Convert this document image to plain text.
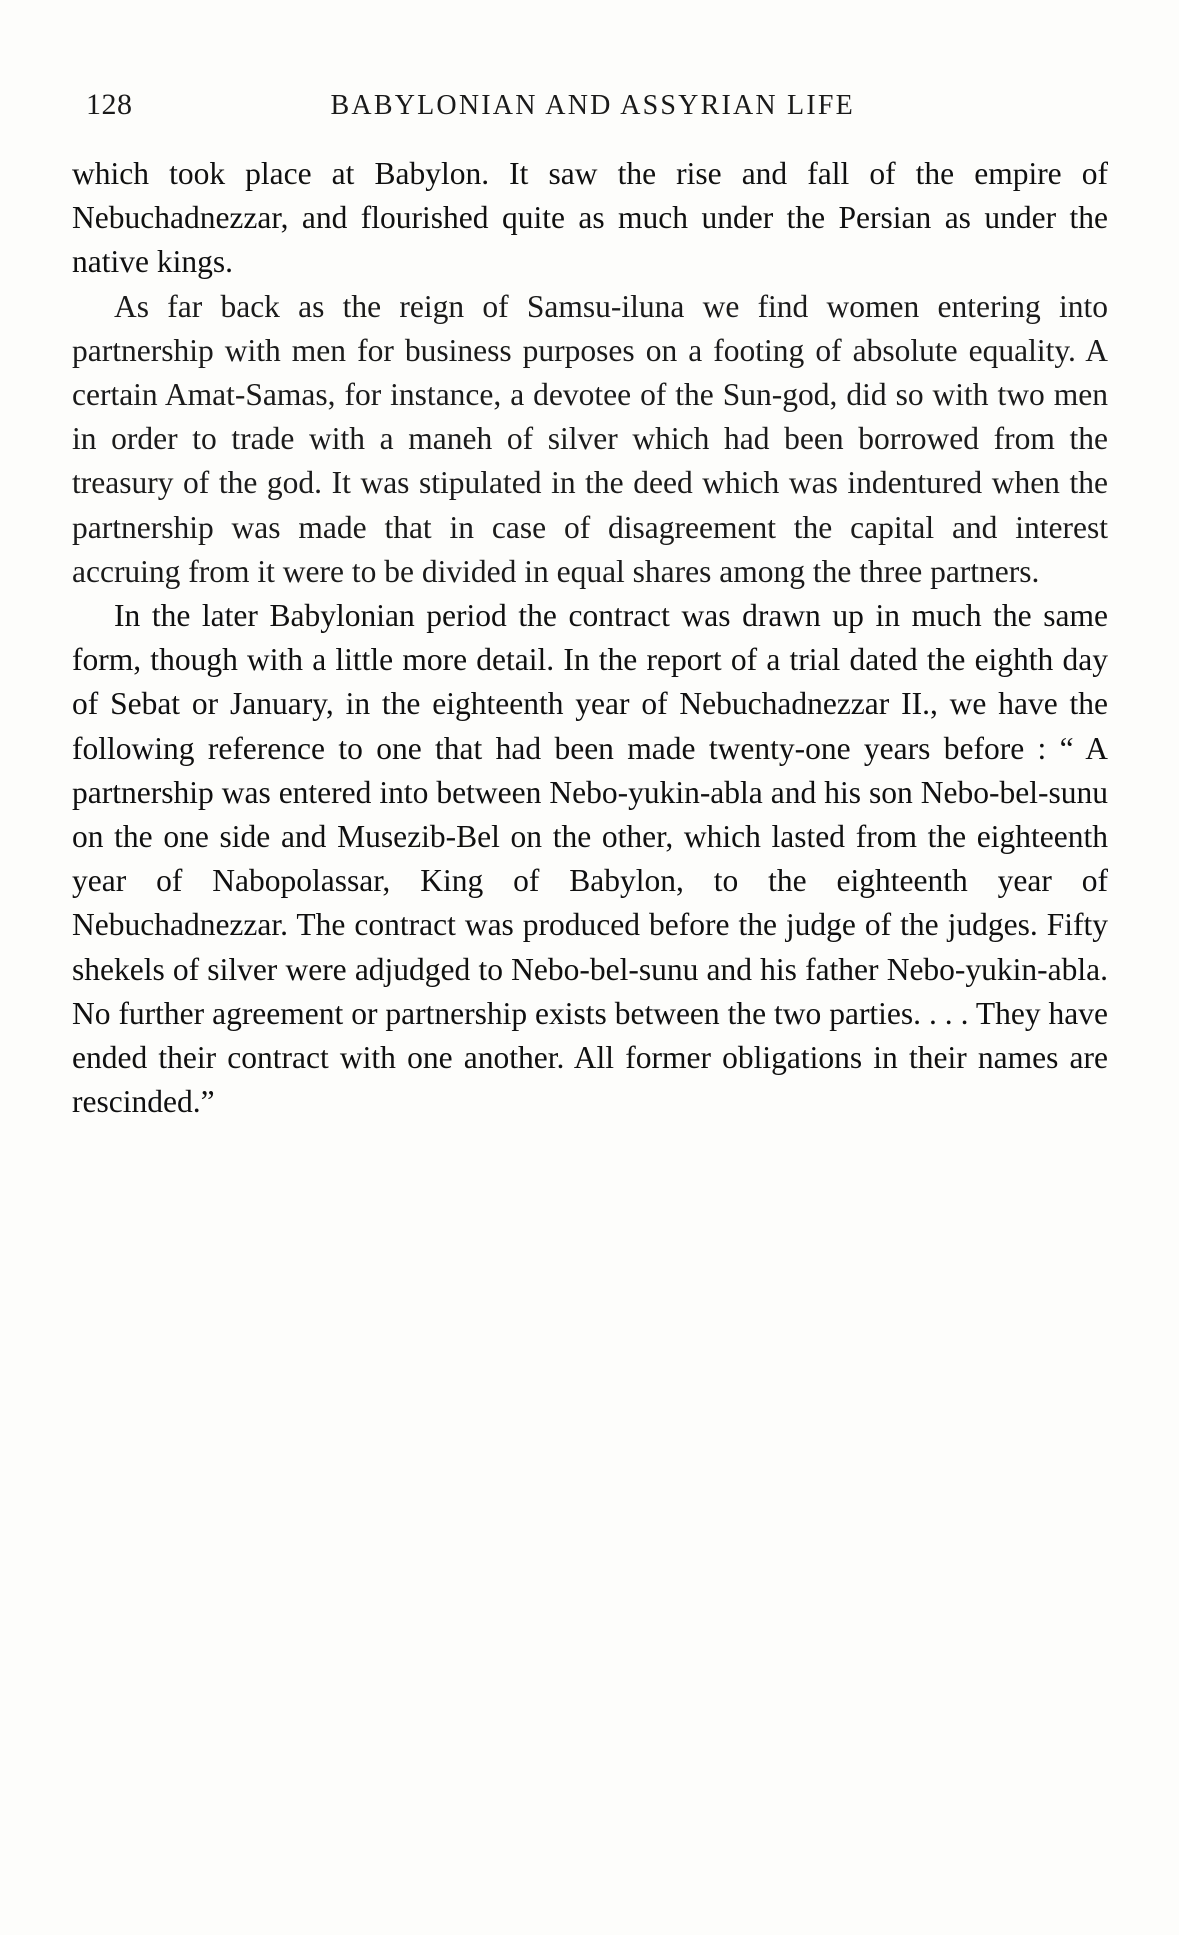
128	BABYLONIAN AND ASSYRIAN LIFE

which took place at Babylon. It saw the rise and fall of the empire of Nebuchadnezzar, and flourished quite as much under the Persian as under the native kings.

As far back as the reign of Samsu-iluna we find women entering into partnership with men for business purposes on a footing of absolute equality. A certain Amat-Samas, for instance, a devotee of the Sun-god, did so with two men in order to trade with a maneh of silver which had been borrowed from the treasury of the god. It was stipulated in the deed which was indentured when the partnership was made that in case of disagreement the capital and interest accruing from it were to be divided in equal shares among the three partners.

In the later Babylonian period the contract was drawn up in much the same form, though with a little more detail. In the report of a trial dated the eighth day of Sebat or January, in the eighteenth year of Nebuchadnezzar II., we have the following reference to one that had been made twenty-one years before : “ A partnership was entered into between Nebo-yukin-abla and his son Nebo-bel-sunu on the one side and Musezib-Bel on the other, which lasted from the eighteenth year of Nabopolassar, King of Babylon, to the eighteenth year of Nebuchadnezzar. The contract was produced before the judge of the judges. Fifty shekels of silver were adjudged to Nebo-bel-sunu and his father Nebo-yukin-abla. No further agreement or partnership exists between the two parties. . . . They have ended their contract with one another. All former obligations in their names are rescinded.”
